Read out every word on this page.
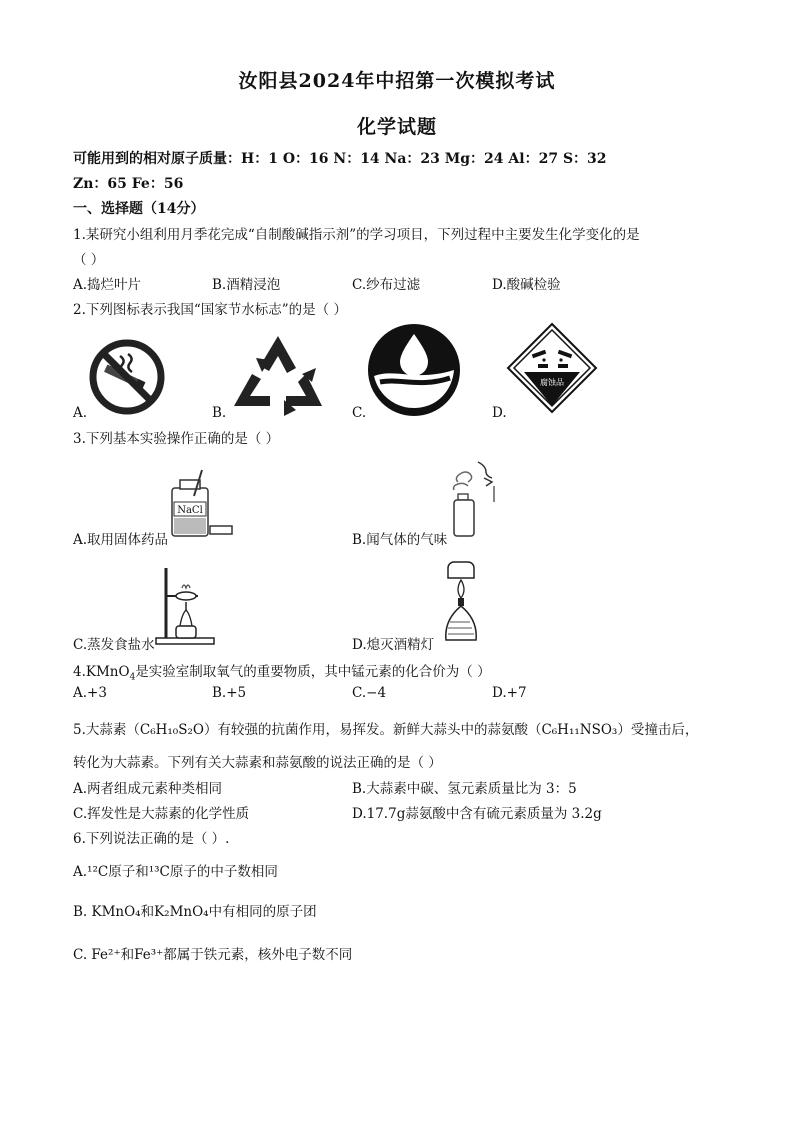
汝阳县2024年中招第一次模拟考试
化学试题
可能用到的相对原子质量：H：1 O：16 N：14 Na：23 Mg：24 Al：27 S：32
Zn：65 Fe：56
一、选择题（14分）
1.某研究小组利用月季花完成“自制酸碱指示剂”的学习项目，下列过程中主要发生化学变化的是
（ ）
A.捣烂叶片	B.酒精浸泡	C.纱布过滤	D.酸碱检验
2.下列图标表示我国“国家节水标志”的是（ ）
腐蚀品
A.	B.	C.	D.
3.下列基本实验操作正确的是（ ）
NaCl
A.取用固体药品	B.闻气体的气味
C.蒸发食盐水	D.熄灭酒精灯
4.KMnO$_4$是实验室制取氧气的重要物质，其中锰元素的化合价为（ ）
A.+3	B.+5	C.−4	D.+7
5.大蒜素（C₆H₁₀S₂O）有较强的抗菌作用，易挥发。新鲜大蒜头中的蒜氨酸（C₆H₁₁NSO₃）受撞击后，
转化为大蒜素。下列有关大蒜素和蒜氨酸的说法正确的是（ ）
A.两者组成元素种类相同	B.大蒜素中碳、氢元素质量比为 3：5
C.挥发性是大蒜素的化学性质	D.17.7g蒜氨酸中含有硫元素质量为 3.2g
6.下列说法正确的是（ ）.
A.¹²C原子和¹³C原子的中子数相同
B. KMnO₄和K₂MnO₄中有相同的原子团
C. Fe²⁺和Fe³⁺都属于铁元素，核外电子数不同
